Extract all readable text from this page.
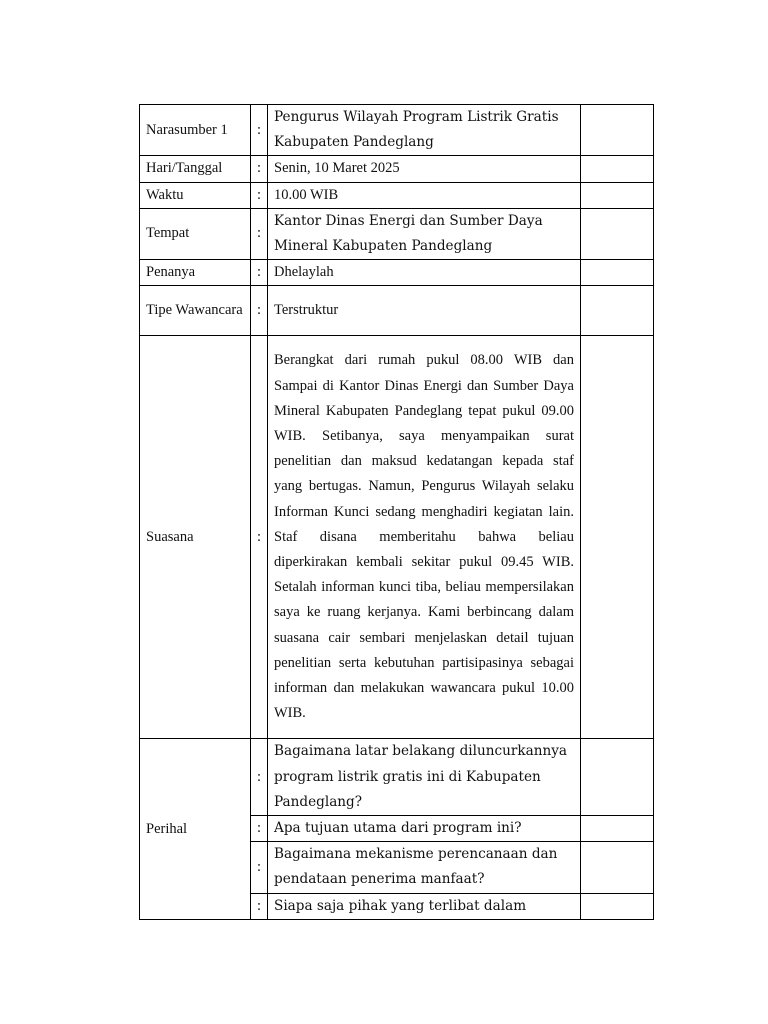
Narasumber 1	:	Pengurus Wilayah Program Listrik Gratis Kabupaten Pandeglang	
Hari/Tanggal	:	Senin, 10 Maret 2025	
Waktu	:	10.00 WIB	
Tempat	:	Kantor Dinas Energi dan Sumber Daya Mineral Kabupaten Pandeglang	
Penanya	:	Dhelaylah	
Tipe Wawancara	:	Terstruktur	
Suasana	:	Berangkat dari rumah pukul 08.00 WIB dan Sampai di Kantor Dinas Energi dan Sumber Daya Mineral Kabupaten Pandeglang tepat pukul 09.00 WIB. Setibanya, saya menyampaikan surat penelitian dan maksud kedatangan kepada staf yang bertugas. Namun, Pengurus Wilayah selaku Informan Kunci sedang menghadiri kegiatan lain. Staf disana memberitahu bahwa beliau diperkirakan kembali sekitar pukul 09.45 WIB. Setalah informan kunci tiba, beliau mempersilakan saya ke ruang kerjanya. Kami berbincang dalam suasana cair sembari menjelaskan detail tujuan penelitian serta kebutuhan partisipasinya sebagai informan dan melakukan wawancara pukul 10.00 WIB.	
Perihal	:	Bagaimana latar belakang diluncurkannya program listrik gratis ini di Kabupaten Pandeglang?	
	:	Apa tujuan utama dari program ini?	
	:	Bagaimana mekanisme perencanaan dan pendataan penerima manfaat?	
	:	Siapa saja pihak yang terlibat dalam	
